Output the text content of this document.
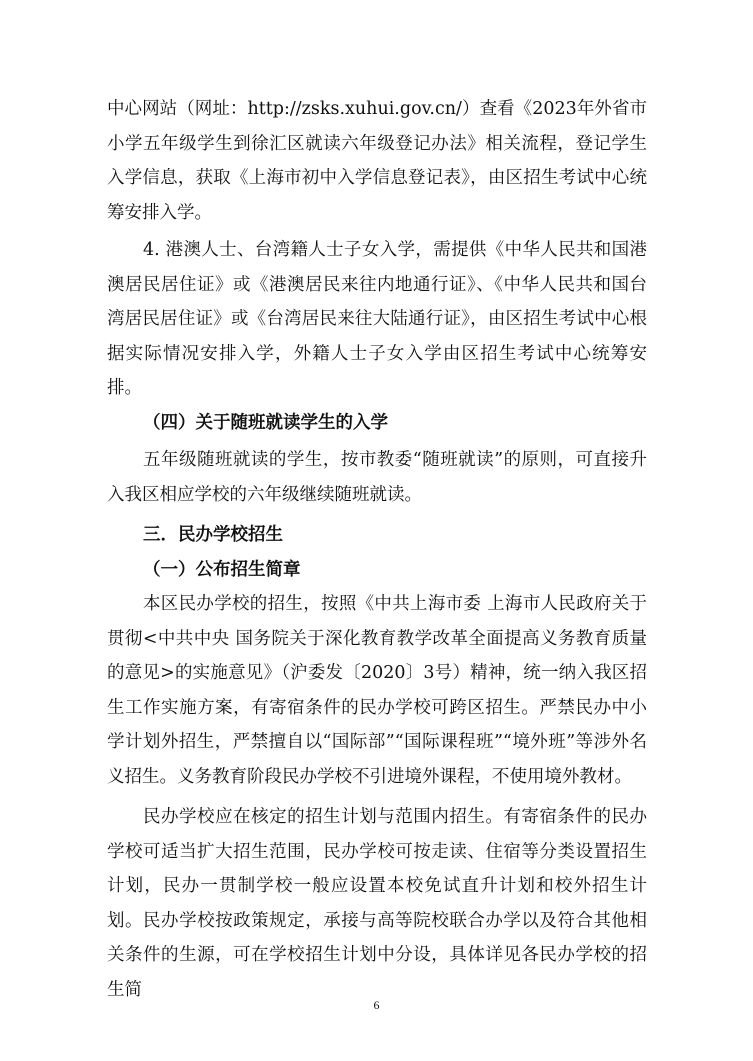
中心网站（网址：http://zsks.xuhui.gov.cn/）查看《2023年外省市小学五年级学生到徐汇区就读六年级登记办法》相关流程，登记学生入学信息，获取《上海市初中入学信息登记表》，由区招生考试中心统筹安排入学。

4. 港澳人士、台湾籍人士子女入学，需提供《中华人民共和国港澳居民居住证》或《港澳居民来往内地通行证》、《中华人民共和国台湾居民居住证》或《台湾居民来往大陆通行证》，由区招生考试中心根据实际情况安排入学，外籍人士子女入学由区招生考试中心统筹安排。

（四）关于随班就读学生的入学

五年级随班就读的学生，按市教委“随班就读”的原则，可直接升入我区相应学校的六年级继续随班就读。

三．民办学校招生

（一）公布招生简章

本区民办学校的招生，按照《中共上海市委 上海市人民政府关于贯彻<中共中央 国务院关于深化教育教学改革全面提高义务教育质量的意见>的实施意见》（沪委发〔2020〕3号）精神，统一纳入我区招生工作实施方案，有寄宿条件的民办学校可跨区招生。严禁民办中小学计划外招生，严禁擅自以“国际部”“国际课程班”“境外班”等涉外名义招生。义务教育阶段民办学校不引进境外课程，不使用境外教材。

民办学校应在核定的招生计划与范围内招生。有寄宿条件的民办学校可适当扩大招生范围，民办学校可按走读、住宿等分类设置招生计划，民办一贯制学校一般应设置本校免试直升计划和校外招生计划。民办学校按政策规定，承接与高等院校联合办学以及符合其他相关条件的生源，可在学校招生计划中分设，具体详见各民办学校的招生简

6
